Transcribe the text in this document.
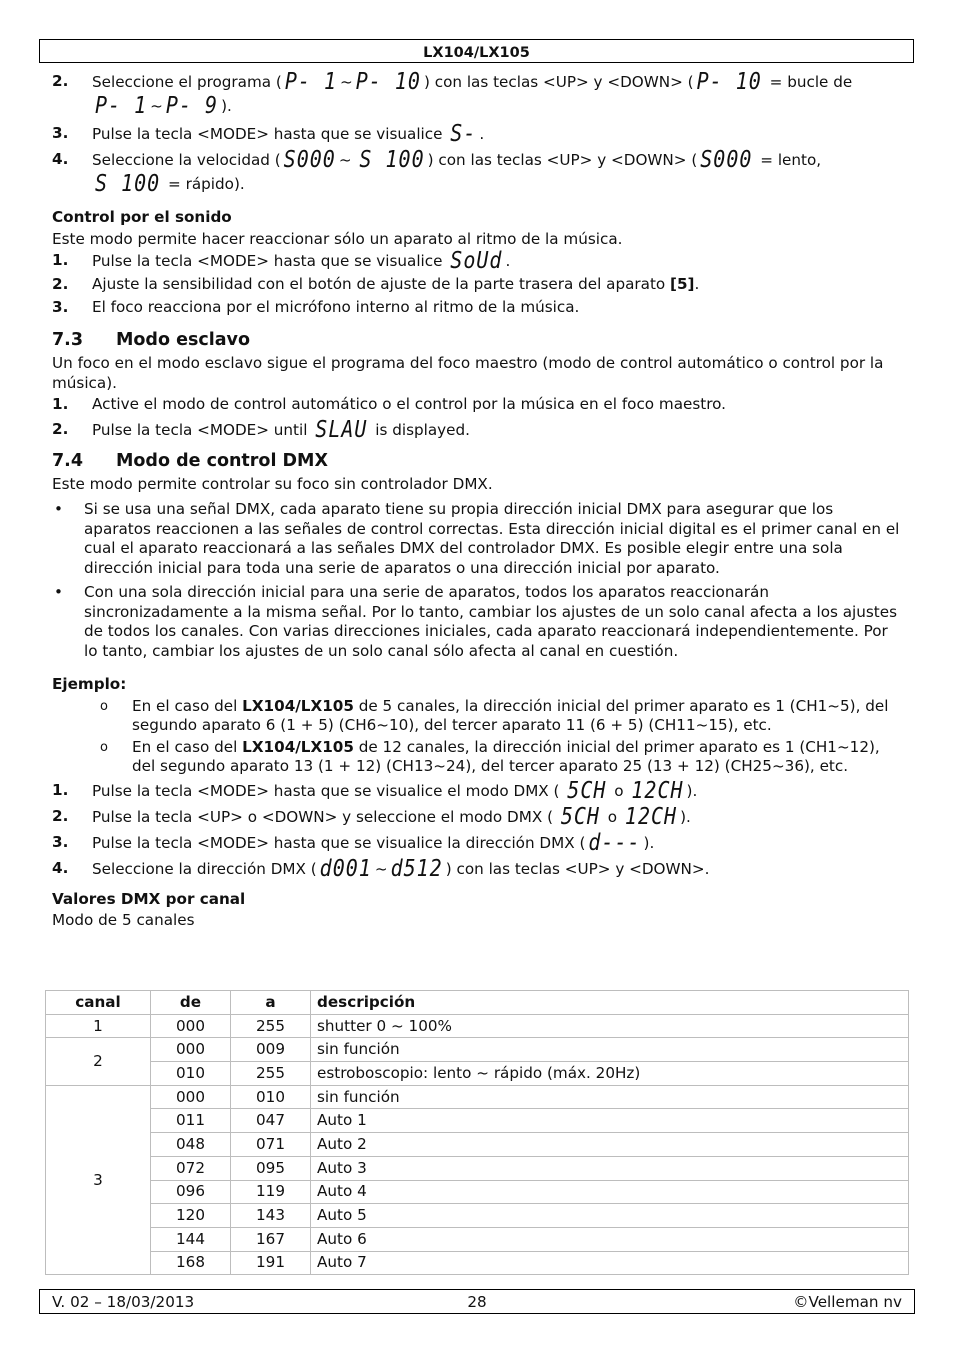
LX104/LX105
2. Seleccione el programa ( P- 1 ~ P- 10 ) con las teclas <UP> y <DOWN> ( P- 10 = bucle de
P- 1 ~ P- 9 ).
3. Pulse la tecla <MODE> hasta que se visualice S- .
4. Seleccione la velocidad ( S000 ~ S 100 ) con las teclas <UP> y <DOWN> ( S000 = lento,
S 100 = rápido).

Control por el sonido

Este modo permite hacer reaccionar sólo un aparato al ritmo de la música.

1. Pulse la tecla <MODE> hasta que se visualice SoUd .
2. Ajuste la sensibilidad con el botón de ajuste de la parte trasera del aparato [5].
3. El foco reacciona por el micrófono interno al ritmo de la música.
7.3 Modo esclavo

Un foco en el modo esclavo sigue el programa del foco maestro (modo de control automático o control por la música).

1. Active el modo de control automático o el control por la música en el foco maestro.
2. Pulse la tecla <MODE> until SLAU is displayed.
7.4 Modo de control DMX

Este modo permite controlar su foco sin controlador DMX.

• Si se usa una señal DMX, cada aparato tiene su propia dirección inicial DMX para asegurar que los aparatos reaccionen a las señales de control correctas. Esta dirección inicial digital es el primer canal en el cual el aparato reaccionará a las señales DMX del controlador DMX. Es posible elegir entre una sola dirección inicial para toda una serie de aparatos o una dirección inicial por aparato.
• Con una sola dirección inicial para una serie de aparatos, todos los aparatos reaccionarán sincronizadamente a la misma señal. Por lo tanto, cambiar los ajustes de un solo canal afecta a los ajustes de todos los canales. Con varias direcciones iniciales, cada aparato reaccionará independientemente. Por lo tanto, cambiar los ajustes de un solo canal sólo afecta al canal en cuestión.

Ejemplo:

o En el caso del LX104/LX105 de 5 canales, la dirección inicial del primer aparato es 1 (CH1~5), del segundo aparato 6 (1 + 5) (CH6~10), del tercer aparato 11 (6 + 5) (CH11~15), etc.
o En el caso del LX104/LX105 de 12 canales, la dirección inicial del primer aparato es 1 (CH1~12), del segundo aparato 13 (1 + 12) (CH13~24), del tercer aparato 25 (13 + 12) (CH25~36), etc.
1. Pulse la tecla <MODE> hasta que se visualice el modo DMX ( 5CH o 12CH ).
2. Pulse la tecla <UP> o <DOWN> y seleccione el modo DMX ( 5CH o 12CH ).
3. Pulse la tecla <MODE> hasta que se visualice la dirección DMX ( d--- ).
4. Seleccione la dirección DMX ( d001 ~ d512 ) con las teclas <UP> y <DOWN>.

Valores DMX por canal

Modo de 5 canales

canal	de	a	descripción
1	000	255	shutter 0 ~ 100%
2	000	009	sin función
	010	255	estroboscopio: lento ~ rápido (máx. 20Hz)
3	000	010	sin función
	011	047	Auto 1
	048	071	Auto 2
	072	095	Auto 3
	096	119	Auto 4
	120	143	Auto 5
	144	167	Auto 6
	168	191	Auto 7
V. 02 – 18/03/2013	28	©Velleman nv
